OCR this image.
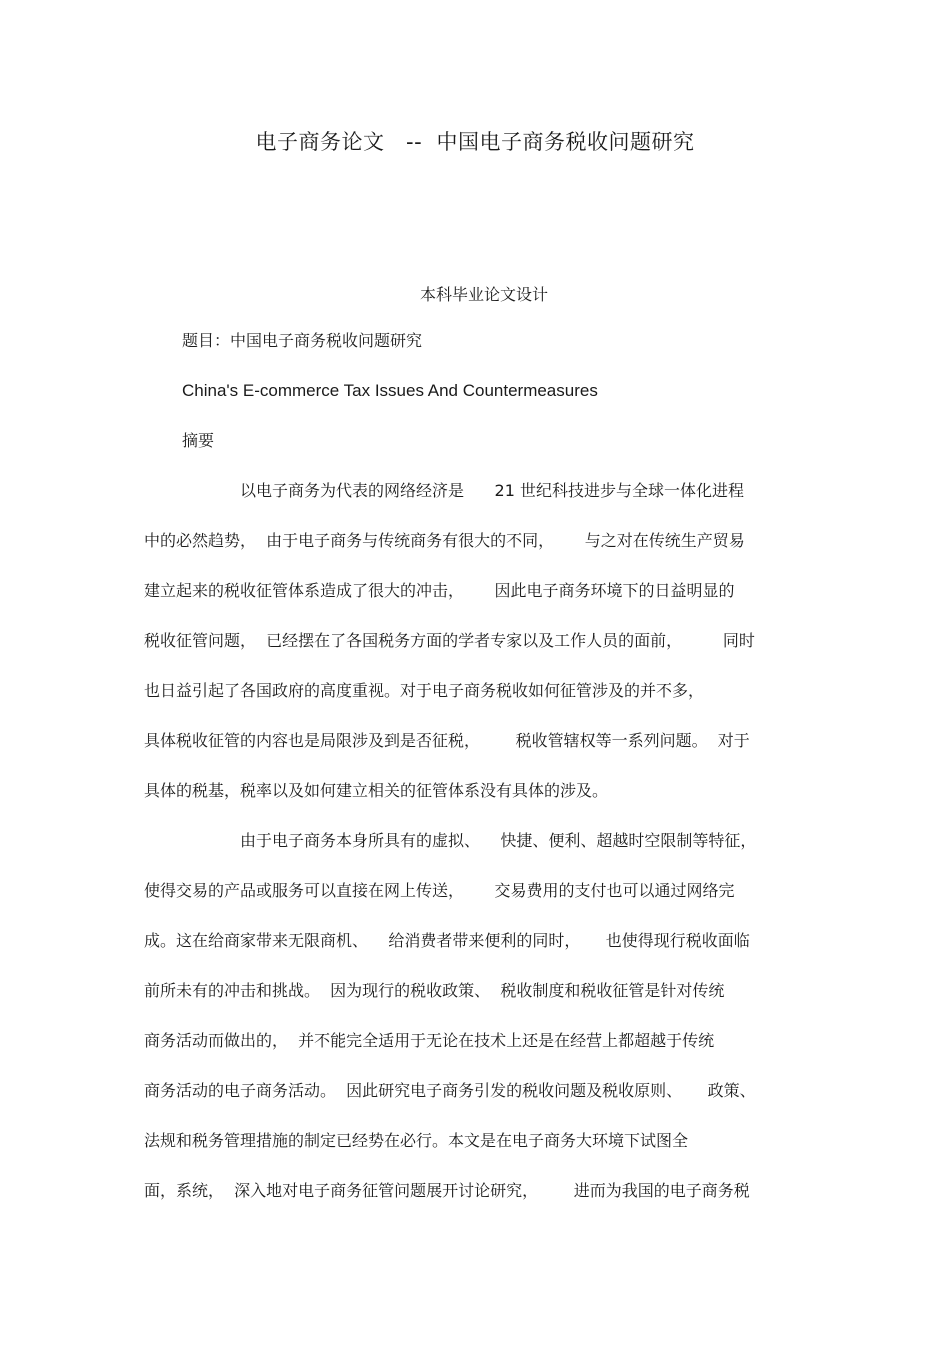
电子商务论文   --  中国电子商务税收问题研究
本科毕业论文设计
题目：中国电子商务税收问题研究
China's E-commerce Tax Issues And Countermeasures
摘要
以电子商务为代表的网络经济是      21 世纪科技进步与全球一体化进程
中的必然趋势，  由于电子商务与传统商务有很大的不同，      与之对在传统生产贸易
建立起来的税收征管体系造成了很大的冲击，      因此电子商务环境下的日益明显的
税收征管问题，  已经摆在了各国税务方面的学者专家以及工作人员的面前，        同时
也日益引起了各国政府的高度重视。对于电子商务税收如何征管涉及的并不多，
具体税收征管的内容也是局限涉及到是否征税，       税收管辖权等一系列问题。  对于
具体的税基，税率以及如何建立相关的征管体系没有具体的涉及。
由于电子商务本身所具有的虚拟、    快捷、便利、超越时空限制等特征，
使得交易的产品或服务可以直接在网上传送，      交易费用的支付也可以通过网络完
成。这在给商家带来无限商机、    给消费者带来便利的同时，     也使得现行税收面临
前所未有的冲击和挑战。  因为现行的税收政策、  税收制度和税收征管是针对传统
商务活动而做出的，  并不能完全适用于无论在技术上还是在经营上都超越于传统
商务活动的电子商务活动。  因此研究电子商务引发的税收问题及税收原则、     政策、
法规和税务管理措施的制定已经势在必行。本文是在电子商务大环境下试图全
面，系统，  深入地对电子商务征管问题展开讨论研究，       进而为我国的电子商务税
